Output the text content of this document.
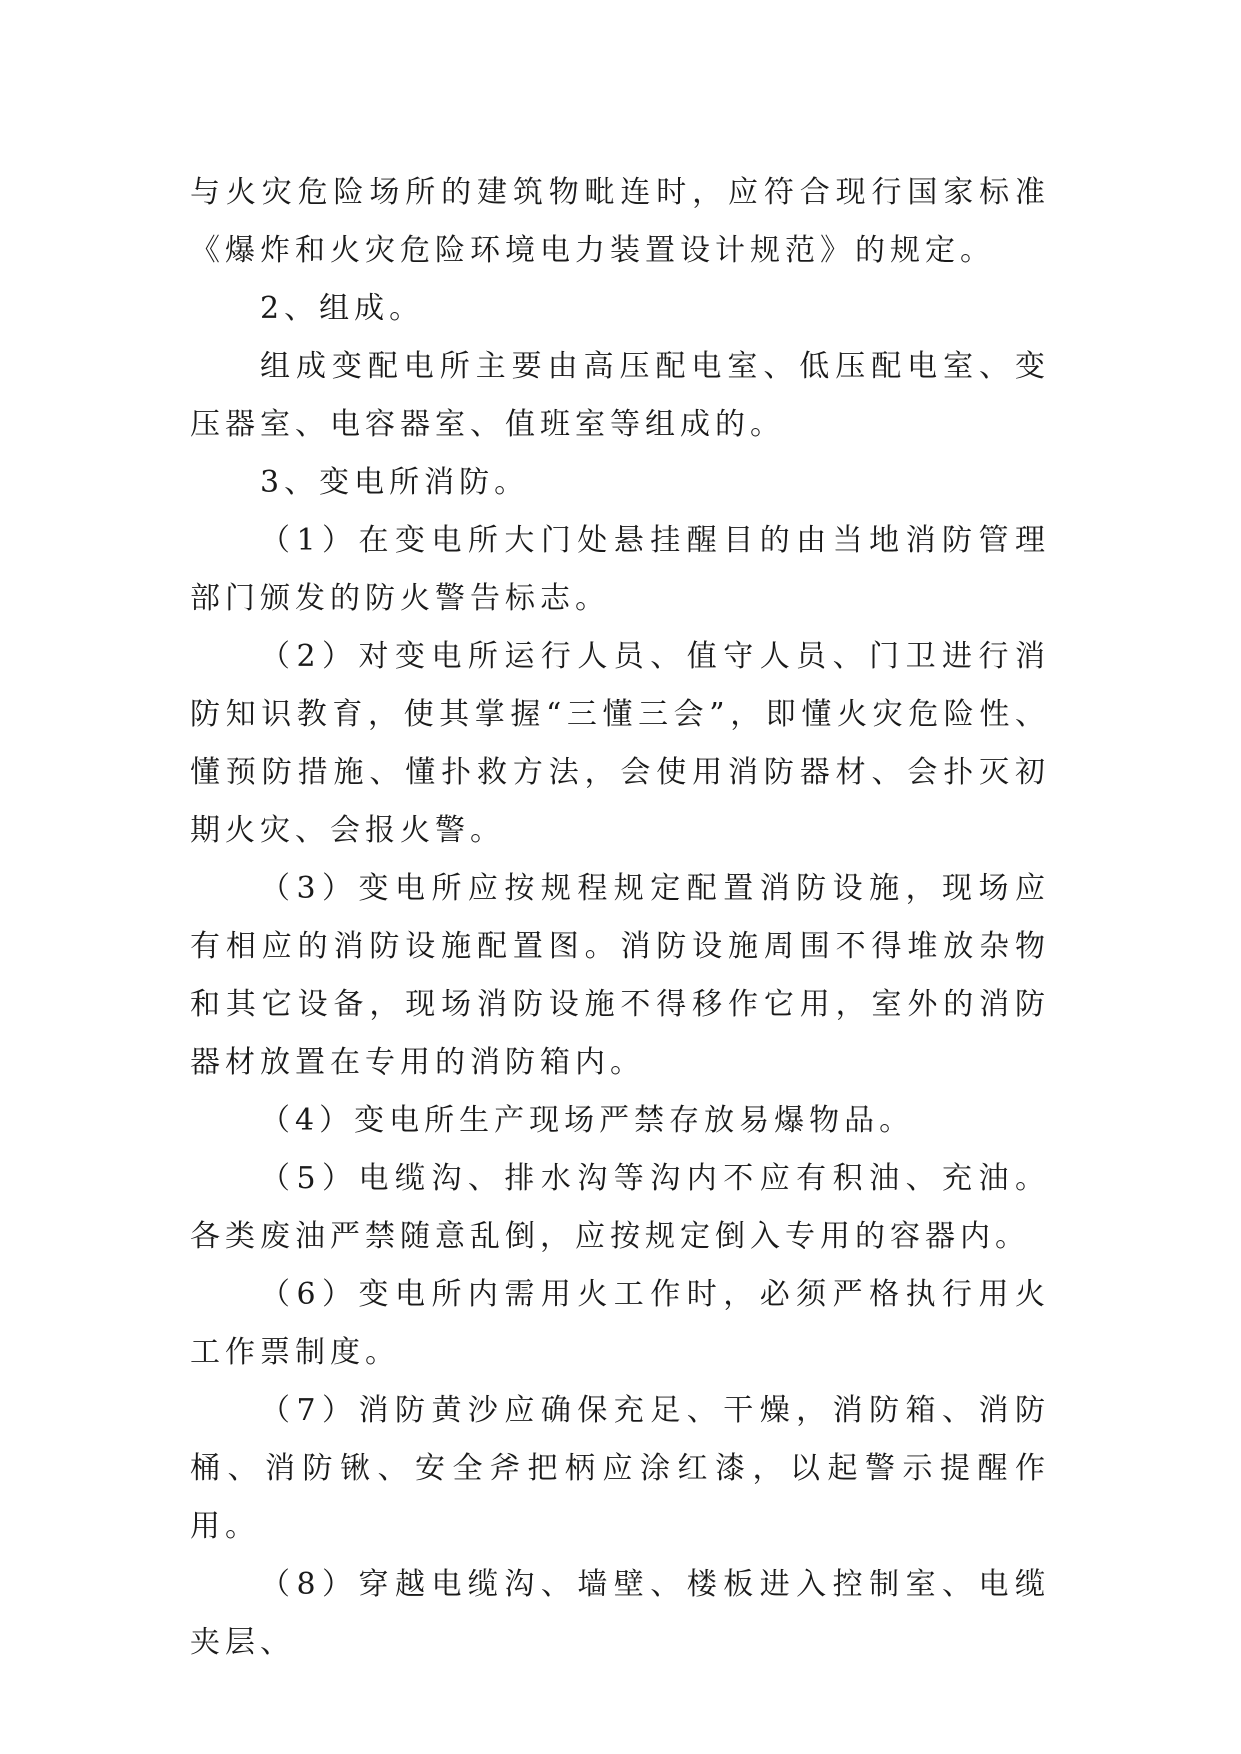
与火灾危险场所的建筑物毗连时，应符合现行国家标准《爆炸和火灾危险环境电力装置设计规范》的规定。

2、组成。

组成变配电所主要由高压配电室、低压配电室、变压器室、电容器室、值班室等组成的。

3、变电所消防。

（1）在变电所大门处悬挂醒目的由当地消防管理部门颁发的防火警告标志。

（2）对变电所运行人员、值守人员、门卫进行消防知识教育，使其掌握“三懂三会”，即懂火灾危险性、懂预防措施、懂扑救方法，会使用消防器材、会扑灭初期火灾、会报火警。

（3）变电所应按规程规定配置消防设施，现场应有相应的消防设施配置图。消防设施周围不得堆放杂物和其它设备，现场消防设施不得移作它用，室外的消防器材放置在专用的消防箱内。

（4）变电所生产现场严禁存放易爆物品。

（5）电缆沟、排水沟等沟内不应有积油、充油。各类废油严禁随意乱倒，应按规定倒入专用的容器内。

（6）变电所内需用火工作时，必须严格执行用火工作票制度。

（7）消防黄沙应确保充足、干燥，消防箱、消防桶、消防锹、安全斧把柄应涂红漆，以起警示提醒作用。

（8）穿越电缆沟、墙壁、楼板进入控制室、电缆夹层、
